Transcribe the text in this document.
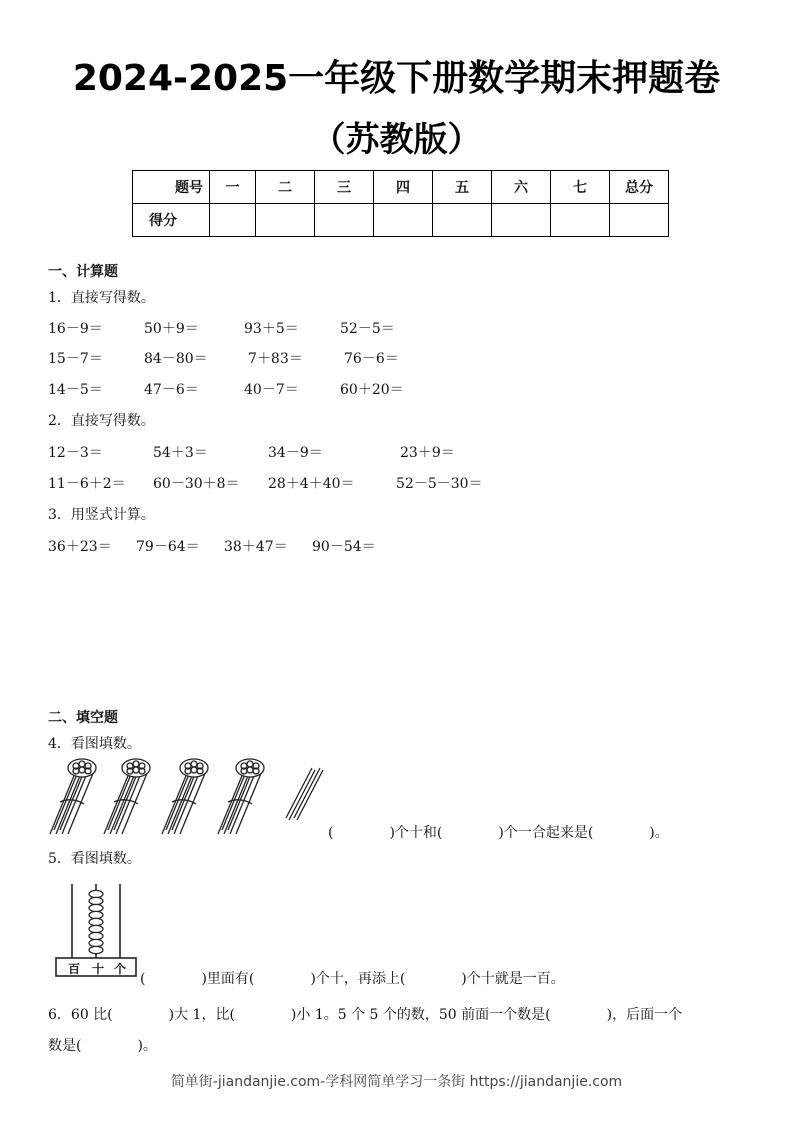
2024-2025一年级下册数学期末押题卷
（苏教版）
题号	一	二	三	四	五	六	七	总分
得分								
一、计算题
1．直接写得数。
16－9＝	50＋9＝	93＋5＝	52－5＝
15－7＝	84－80＝	7＋83＝	76－6＝
14－5＝	47－6＝	40－7＝	60＋20＝
2．直接写得数。
12－3＝	54＋3＝	34－9＝	23＋9＝
11－6＋2＝ 60－30＋8＝ 28＋4＋40＝	52－5－30＝
3．用竖式计算。
36＋23＝ 79－64＝ 38＋47＝ 90－54＝
二、填空题
4．看图填数。
(　　　　)个十和(　　　　)个一合起来是(　　　　)。
5．看图填数。
百 十 个
(　　　　)里面有(　　　　)个十，再添上(　　　　)个十就是一百。
6．60 比(　　　　)大 1，比(　　　　)小 1。5 个 5 个的数，50 前面一个数是(　　　　)，后面一个
数是(　　　　)。
简单街-jiandanjie.com-学科网简单学习一条街 https://jiandanjie.com
